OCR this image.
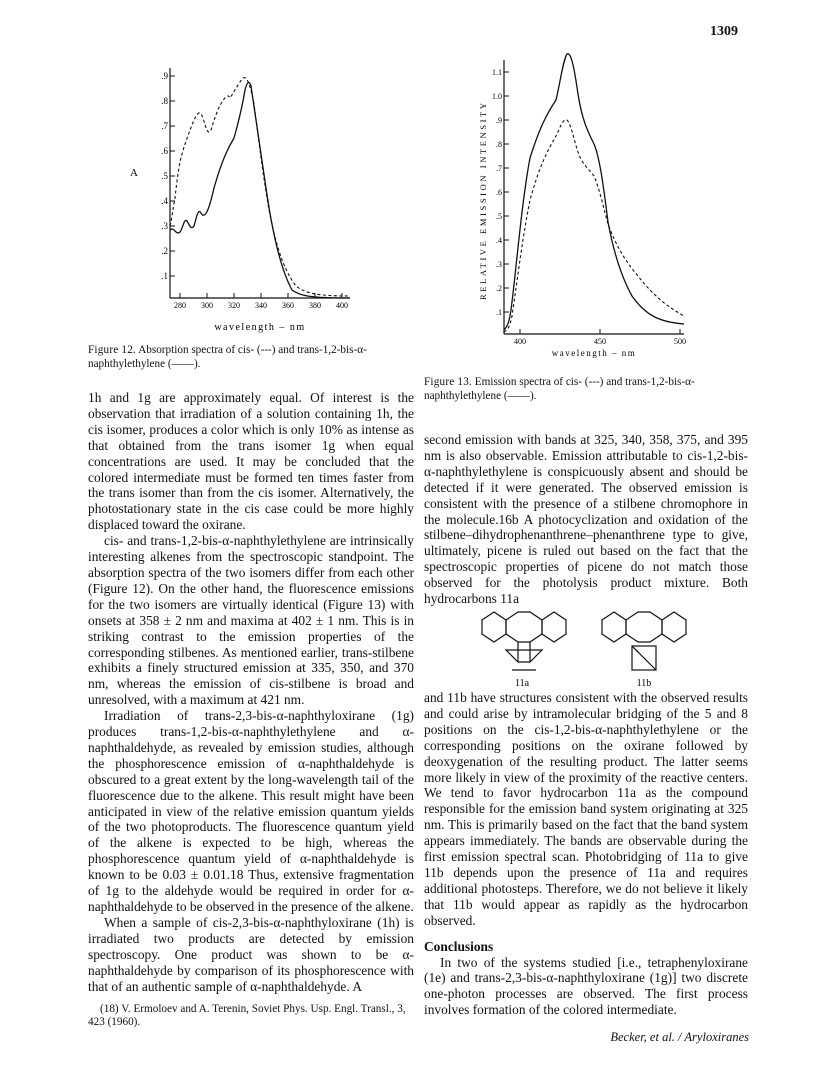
1309
.1
.2
.3
.4
.5
.6
.7
.8
.9
280 300 320 340 360 380 400
A
wavelength – nm
Figure 12. Absorption spectra of cis- (---) and trans-1,2-bis-α-naphthylethylene (——).
.1
.2
.3
.4
.5
.6
.7
.8
.9
1.0
1.1
400	450	500
RELATIVE EMISSION INTENSITY
wavelength – nm
Figure 13. Emission spectra of cis- (---) and trans-1,2-bis-α-naphthylethylene (——).

1h and 1g are approximately equal. Of interest is the observation that irradiation of a solution containing 1h, the cis isomer, produces a color which is only 10% as intense as that obtained from the trans isomer 1g when equal concentrations are used. It may be concluded that the colored intermediate must be formed ten times faster from the trans isomer than from the cis isomer. Alternatively, the photostationary state in the cis case could be more highly displaced toward the oxirane.

cis- and trans-1,2-bis-α-naphthylethylene are intrinsically interesting alkenes from the spectroscopic standpoint. The absorption spectra of the two isomers differ from each other (Figure 12). On the other hand, the fluorescence emissions for the two isomers are virtually identical (Figure 13) with onsets at 358 ± 2 nm and maxima at 402 ± 1 nm. This is in striking contrast to the emission properties of the corresponding stilbenes. As mentioned earlier, trans-stilbene exhibits a finely structured emission at 335, 350, and 370 nm, whereas the emission of cis-stilbene is broad and unresolved, with a maximum at 421 nm.

Irradiation of trans-2,3-bis-α-naphthyloxirane (1g) produces trans-1,2-bis-α-naphthylethylene and α-naphthaldehyde, as revealed by emission studies, although the phosphorescence emission of α-naphthaldehyde is obscured to a great extent by the long-wavelength tail of the fluorescence due to the alkene. This result might have been anticipated in view of the relative emission quantum yields of the two photoproducts. The fluorescence quantum yield of the alkene is expected to be high, whereas the phosphorescence quantum yield of α-naphthaldehyde is known to be 0.03 ± 0.01.18 Thus, extensive fragmentation of 1g to the aldehyde would be required in order for α-naphthaldehyde to be observed in the presence of the alkene.

When a sample of cis-2,3-bis-α-naphthyloxirane (1h) is irradiated two products are detected by emission spectroscopy. One product was shown to be α-naphthaldehyde by comparison of its phosphorescence with that of an authentic sample of α-naphthaldehyde. A

(18) V. Ermoloev and A. Terenin, Soviet Phys. Usp. Engl. Transl., 3, 423 (1960).

second emission with bands at 325, 340, 358, 375, and 395 nm is also observable. Emission attributable to cis-1,2-bis-α-naphthylethylene is conspicuously absent and should be detected if it were generated. The observed emission is consistent with the presence of a stilbene chromophore in the molecule.16b A photocyclization and oxidation of the stilbene–dihydrophenanthrene–phenanthrene type to give, ultimately, picene is ruled out based on the fact that the spectroscopic properties of picene do not match those observed for the photolysis product mixture. Both hydrocarbons 11a

11a	11b

and 11b have structures consistent with the observed results and could arise by intramolecular bridging of the 5 and 8 positions on the cis-1,2-bis-α-naphthylethylene or the corresponding positions on the oxirane followed by deoxygenation of the resulting product. The latter seems more likely in view of the proximity of the reactive centers. We tend to favor hydrocarbon 11a as the compound responsible for the emission band system originating at 325 nm. This is primarily based on the fact that the band system appears immediately. The bands are observable during the first emission spectral scan. Photobridging of 11a to give 11b depends upon the presence of 11a and requires additional photosteps. Therefore, we do not believe it likely that 11b would appear as rapidly as the hydrocarbon observed.

Conclusions

In two of the systems studied [i.e., tetraphenyloxirane (1e) and trans-2,3-bis-α-naphthyloxirane (1g)] two discrete one-photon processes are observed. The first process involves formation of the colored intermediate.

Becker, et al. / Aryloxiranes
